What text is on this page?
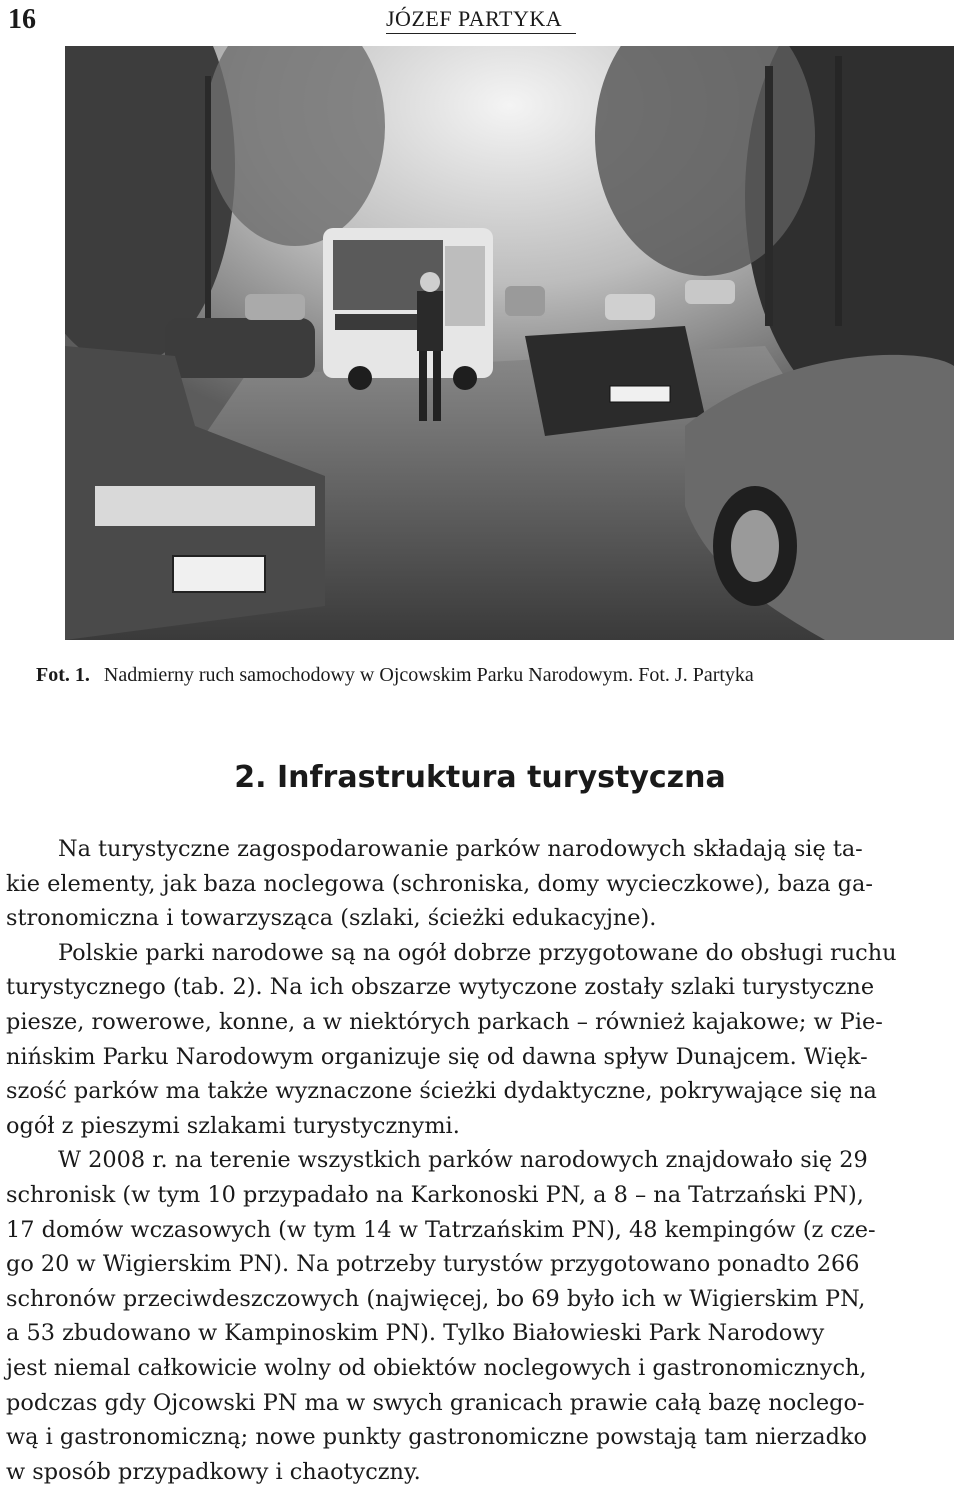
16	JÓZEF PARTYKA
Fot. 1. Nadmierny ruch samochodowy w Ojcowskim Parku Narodowym. Fot. J. Partyka
2. Infrastruktura turystyczna
Na turystyczne zagospodarowanie parków narodowych składają się ta-
kie elementy, jak baza noclegowa (schroniska, domy wycieczkowe), baza ga-
stronomiczna i towarzysząca (szlaki, ścieżki edukacyjne).
Polskie parki narodowe są na ogół dobrze przygotowane do obsługi ruchu
turystycznego (tab. 2). Na ich obszarze wytyczone zostały szlaki turystyczne
piesze, rowerowe, konne, a w niektórych parkach – również kajakowe; w Pie-
nińskim Parku Narodowym organizuje się od dawna spływ Dunajcem. Więk-
szość parków ma także wyznaczone ścieżki dydaktyczne, pokrywające się na
ogół z pieszymi szlakami turystycznymi.
W 2008 r. na terenie wszystkich parków narodowych znajdowało się 29
schronisk (w tym 10 przypadało na Karkonoski PN, a 8 – na Tatrzański PN),
17 domów wczasowych (w tym 14 w Tatrzańskim PN), 48 kempingów (z cze-
go 20 w Wigierskim PN). Na potrzeby turystów przygotowano ponadto 266
schronów przeciwdeszczowych (najwięcej, bo 69 było ich w Wigierskim PN,
a 53 zbudowano w Kampinoskim PN). Tylko Białowieski Park Narodowy
jest niemal całkowicie wolny od obiektów noclegowych i gastronomicznych,
podczas gdy Ojcowski PN ma w swych granicach prawie całą bazę noclego-
wą i gastronomiczną; nowe punkty gastronomiczne powstają tam nierzadko
w sposób przypadkowy i chaotyczny.
